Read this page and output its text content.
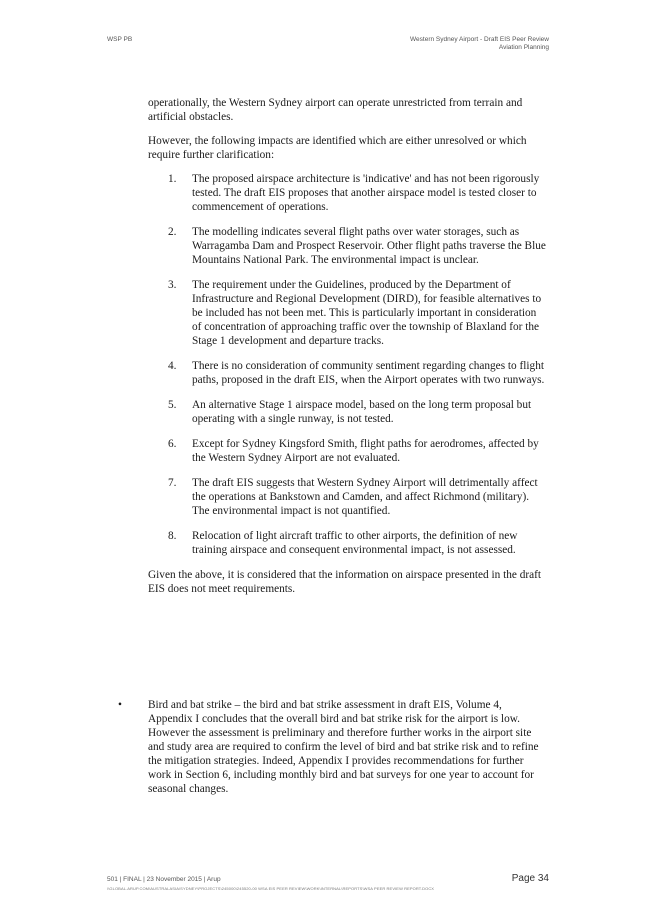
WSP PB	Western Sydney Airport - Draft EIS Peer Review
Aviation Planning

operationally, the Western Sydney airport can operate unrestricted from terrain and artificial obstacles.

However, the following impacts are identified which are either unresolved or which require further clarification:

1.	The proposed airspace architecture is 'indicative' and has not been rigorously tested. The draft EIS proposes that another airspace model is tested closer to commencement of operations.
2.	The modelling indicates several flight paths over water storages, such as Warragamba Dam and Prospect Reservoir. Other flight paths traverse the Blue Mountains National Park. The environmental impact is unclear.
3.	The requirement under the Guidelines, produced by the Department of Infrastructure and Regional Development (DIRD), for feasible alternatives to be included has not been met. This is particularly important in consideration of concentration of approaching traffic over the township of Blaxland for the Stage 1 development and departure tracks.
4.	There is no consideration of community sentiment regarding changes to flight paths, proposed in the draft EIS, when the Airport operates with two runways.
5.	An alternative Stage 1 airspace model, based on the long term proposal but operating with a single runway, is not tested.
6.	Except for Sydney Kingsford Smith, flight paths for aerodromes, affected by the Western Sydney Airport are not evaluated.
7.	The draft EIS suggests that Western Sydney Airport will detrimentally affect the operations at Bankstown and Camden, and affect Richmond (military). The environmental impact is not quantified.
8.	Relocation of light aircraft traffic to other airports, the definition of new training airspace and consequent environmental impact, is not assessed.

Given the above, it is considered that the information on airspace presented in the draft EIS does not meet requirements.

•	Bird and bat strike – the bird and bat strike assessment in draft EIS, Volume 4, Appendix I concludes that the overall bird and bat strike risk for the airport is low. However the assessment is preliminary and therefore further works in the airport site and study area are required to confirm the level of bird and bat strike risk and to refine the mitigation strategies. Indeed, Appendix I provides recommendations for further work in Section 6, including monthly bird and bat surveys for one year to account for seasonal changes.
501 | FINAL | 23 November 2015 | Arup
\\GLOBAL.ARUP.COM\AUSTRALASIA\SYDNEY\PROJECTS\245000\245520-00 WSA EIS PEER REVIEW\WORK\INTERNAL\REPORTS\WSA PEER REVIEW REPORT.DOCX
Page 34
